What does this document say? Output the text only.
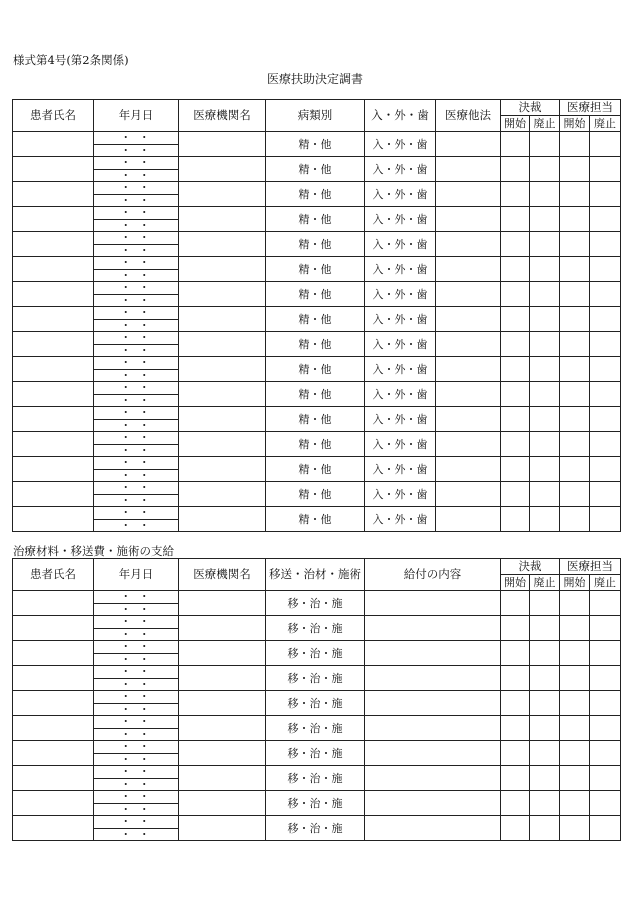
様式第4号(第2条関係)
医療扶助決定調書
患者氏名	年月日	医療機関名	病類別	入・外・歯	医療他法	決裁		医療担当	
						開始	廃止	開始	廃止
	・ ・		精・他	入・外・歯					
	・ ・								
	・ ・		精・他	入・外・歯					
	・ ・								
	・ ・		精・他	入・外・歯					
	・ ・								
	・ ・		精・他	入・外・歯					
	・ ・								
	・ ・		精・他	入・外・歯					
	・ ・								
	・ ・		精・他	入・外・歯					
	・ ・								
	・ ・		精・他	入・外・歯					
	・ ・								
	・ ・		精・他	入・外・歯					
	・ ・								
	・ ・		精・他	入・外・歯					
	・ ・								
	・ ・		精・他	入・外・歯					
	・ ・								
	・ ・		精・他	入・外・歯					
	・ ・								
	・ ・		精・他	入・外・歯					
	・ ・								
	・ ・		精・他	入・外・歯					
	・ ・								
	・ ・		精・他	入・外・歯					
	・ ・								
	・ ・		精・他	入・外・歯					
	・ ・								
	・ ・		精・他	入・外・歯					
	・ ・								
治療材料・移送費・施術の支給
患者氏名	年月日	医療機関名	移送・治材・施術	給付の内容	決裁		医療担当	
					開始	廃止	開始	廃止
	・ ・		移・治・施					
	・ ・							
	・ ・		移・治・施					
	・ ・							
	・ ・		移・治・施					
	・ ・							
	・ ・		移・治・施					
	・ ・							
	・ ・		移・治・施					
	・ ・							
	・ ・		移・治・施					
	・ ・							
	・ ・		移・治・施					
	・ ・							
	・ ・		移・治・施					
	・ ・							
	・ ・		移・治・施					
	・ ・							
	・ ・		移・治・施					
	・ ・							
